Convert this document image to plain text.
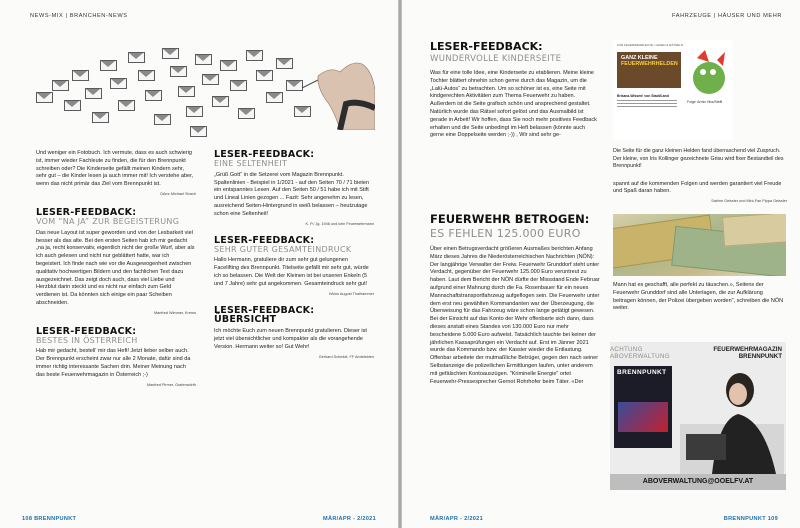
NEWS-MIX | BRANCHEN-NEWS

Und weniger ein Fotobuch. Ich vermute, dass es auch schwierig ist, immer wieder Fachleute zu finden, die für den Brennpunkt schreiben oder? Die Kinderseite gefällt meinen Kindern sehr, sehr gut – die Kinder lesen ja auch immer mit! Ich verstehe aber, wenn das nicht primär das Ziel vom Brennpunkt ist.

OAmr Michael Strach

LESER-FEEDBACK:
VOM “NA JA” ZUR BEGEISTERUNG

Das neue Layout ist super geworden und von der Lesbarkeit viel besser als das alte. Bei den ersten Seiten hab ich mir gedacht „na ja, recht konservativ, eigentlich nicht der große Wurf, aber als ich auch gelesen und nicht nur geblättert hatte, war ich begeistert. Ich finde nach wie vor die Ausgewogenheit zwischen qualitativ hochwertigen Bildern und den fachlichen Text dazu ausgezeichnet. Das zeigt doch auch, dass viel Liebe und Herzblut darin steckt und es nicht nur einfach zum Geld verdienen ist. Da könnten sich einige ein paar Scheiben abschneiden.

Manfred Wimmer, Krems

LESER-FEEDBACK:
BESTES IN ÖSTERREICH

Hab mir gedacht, bestell’ mir das Heft! Jetzt lieber selber auch. Der Brennpunkt erscheint zwar nur alle 2 Monate, dafür sind da immer richtig interessante Sachen drin. Meiner Meinung nach das beste Feuerwehrmagazin in Österreich ;-)

Manfred Pirmer, Grafenwörth

LESER-FEEDBACK:
EINE SELTENHEIT

„Grüß Gott“ in die Setzerei vom Magazin Brennpunkt. Spaltenlinien - Beispiel in 1/2021 - auf den Seiten 70 / 71 bieten ein entspanntes Lesen. Auf den Seiten 50 / 51 habe ich mit Stift und Lineal Linien gezogen ... Fazit: Sehr angenehm zu lesen, ausreichend Seiten-Hintergrund in weiß belassen – heutzutage schon eine Seltenheit!

K. P./ Jg. 1946 und kein Feuerwehrmann

LESER-FEEDBACK:
SEHR GUTER GESAMTEINDRUCK

Hallo Hermann, gratuliere dir zum sehr gut gelungenen Facelifting des Brennpunkt. Titelseite gefällt mir sehr gut, würde ich so belassen. Die Welt der Kleinen ist bei unseren Enkeln (5 und 7 Jahre) sehr gut angekommen. Gesamteindruck sehr gut!

HAIns August Thalhammer

LESER-FEEDBACK: ÜBERSICHT

Ich möchte Euch zum neuen Brennpunkt gratulieren. Dieser ist jetzt viel übersichtlicher und kompakter als die vorangehende Version. Hermann weiter so! Gut Wehr!

Gerhard Schmidt, FF Amtsfelden

108 BRENNPUNKT	MÄR/APR - 2/2021
FAHRZEUGE | HÄUSER UND MEHR
LESER-FEEDBACK:
WUNDERVOLLE KINDERSEITE

Was für eine tolle Idee, eine Kinderseite zu etablieren. Meine kleine Tochter blättert ohnehin schon gerne durch das Magazin, um die „Lalü-Autos“ zu betrachten. Um so schöner ist es, eine Seite mit kindgerechten Aktivitäten zum Thema Feuerwehr zu haben. Außerdem ist die Seite grafisch schön und ansprechend gestaltet. Natürlich wurde das Rätsel sofort gelöst und das Ausmalbild ist gerade in Arbeit! Wir hoffen, dass Sie noch mehr positives Feedback erhalten und die Seite unbedingt im Heft belassen (könnte auch gerne eine Doppelseite werden ;-)) , Wir sind sehr ge-

FÜR FEUERWEHRLEUTE • LESEN & RÄTSELN
GANZ KLEINE
FEUERWEHRHELDEN
Brisanz-Wissen! von Stadt/Land
Folge: Armin Hiss/Steffi

Die Seite für die ganz kleinen Helden fand überraschend viel Zuspruch. Der kleine, von Iris Kollinger gezeichnete Grisu wird fixer Bestandteil des Brennpunkt!

spannt auf die kommenden Folgen und werden garantiert viel Freude und Spaß daran haben.

Sabine Geissler und Mini-Fan Pippa Geissler

FEUERWEHR BETROGEN:
ES FEHLEN 125.000 EURO

Über einen Betrugsverdacht größeren Ausmaßes berichten Anfang März dieses Jahres die Niederösterreichischen Nachrichten (NÖN): Der langjährige Verwalter der Freiw. Feuerwehr Grunddorf steht unter Verdacht, gegenüber der Feuerwehr 125.000 Euro veruntreut zu haben. Laut dem Bericht der NÖN dürfte der Missstand Ende Februar aufgrund einer Mahnung durch die Fa. Rosenbauer für ein neues Mannschaftstransportfahrzeug aufgeflogen sein. Die Feuerwehr unter dem erst neu gewählten Kommandanten war der Überzeugung, die Überweisung für das Fahrzeug wäre schon lange getätigt gewesen. Bei der Einsicht auf das Konto der Wehr offenbarte sich dann, dass dieses anstatt eines Standes von 130.000 Euro nur mehr bescheidene 5.000 Euro aufweist. Tatsächlich tauchte bei keiner der jährlichen Kassaprüfungen ein Verdacht auf. Erst im Jänner 2021 wurde das Kommando bzw. der Kassier wieder die Entlastung. Offenbar arbeitete der mutmaßliche Betrüger, gegen den nach seiner Selbstanzeige die polizeilichen Ermittlungen laufen, unter anderem mit gefälschten Kontoauszügen. "Kriminelle Energie" ortet Feuerwehr-Pressesprecher Gernot Rohrhofer beim Täter. «Der

Mann hat es geschafft, alle perfekt zu täuschen.», Seitens der Feuerwehr Grunddorf sind alle Unterlagen, die zur Aufklärung beitragen können, der Polizei übergeben worden", schreiben die NÖN weiter.

ACHTUNG
ABOVERWALTUNG
FEUERWEHRMAGAZIN
BRENNPUNKT
BRENNPUNKT
ABOVERWALTUNG@OOELFV.AT
MÄR/APR - 2/2021	BRENNPUNKT 109
